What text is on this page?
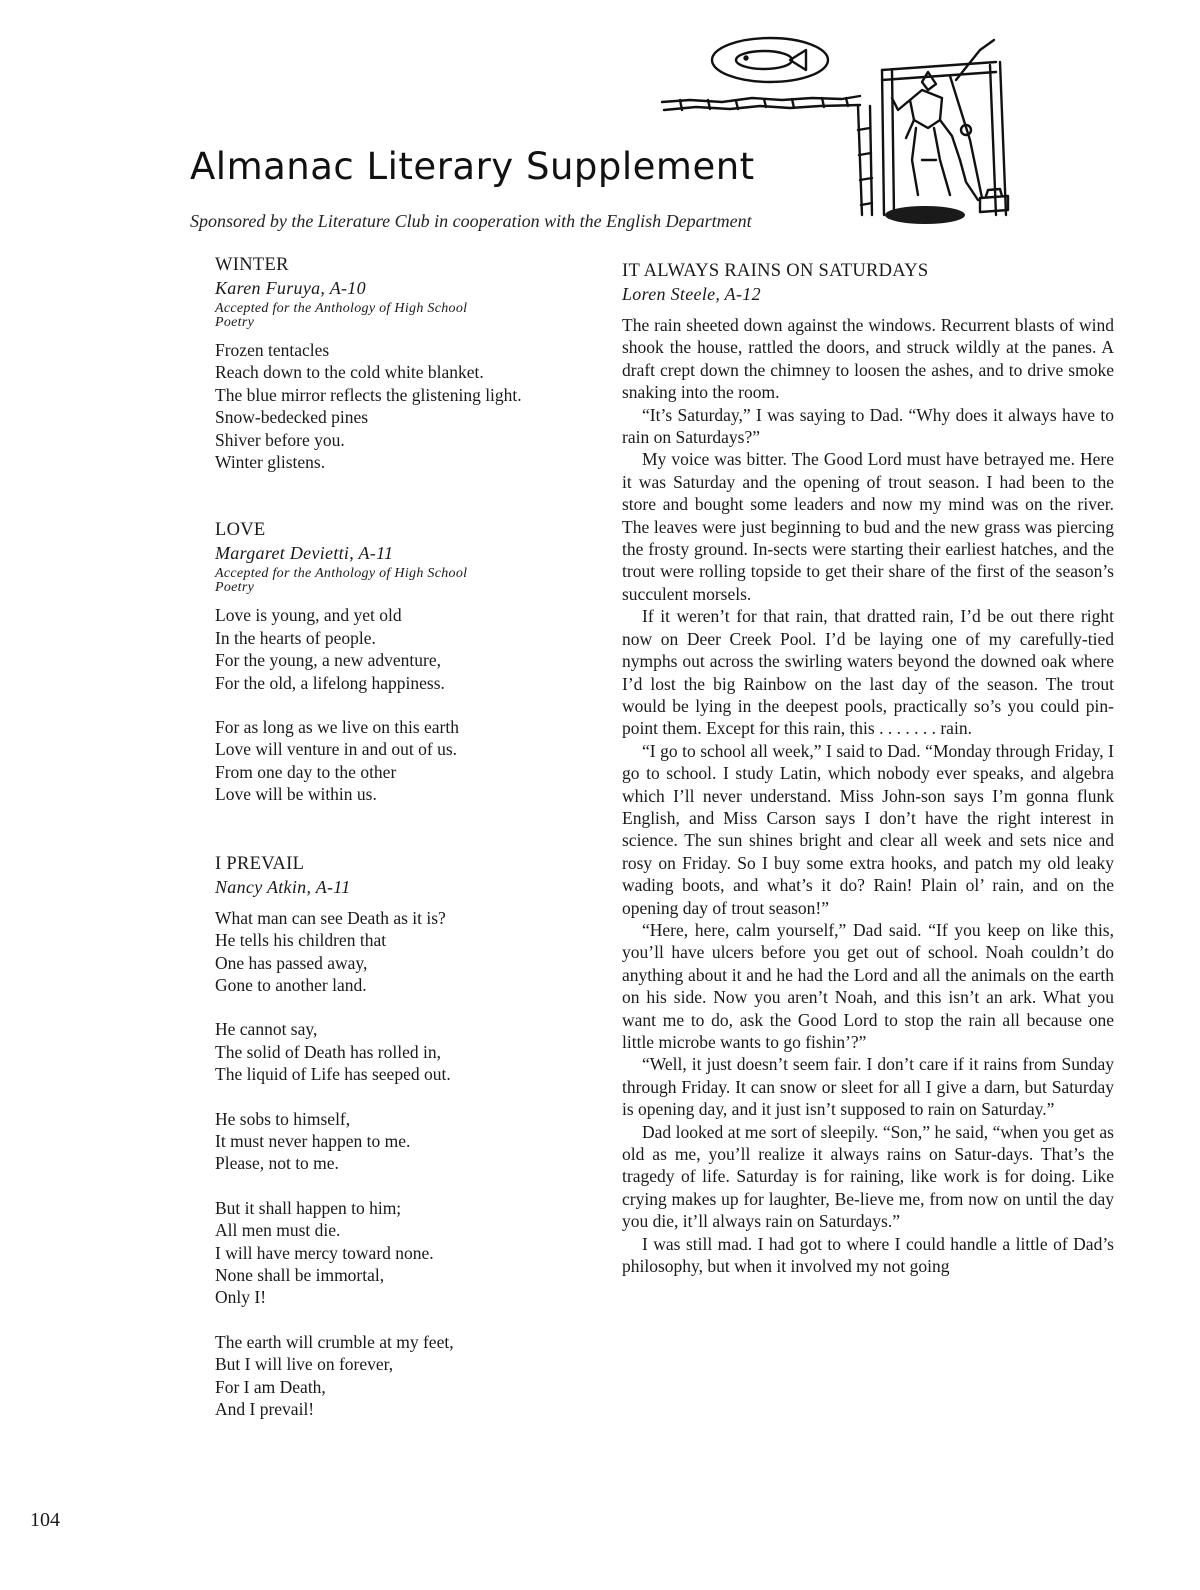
Almanac Literary Supplement
Sponsored by the Literature Club in cooperation with the English Department
WINTER
Karen Furuya, A-10
Accepted for the Anthology of High School
Poetry
Frozen tentacles
Reach down to the cold white blanket.
The blue mirror reflects the glistening light.
Snow-bedecked pines
Shiver before you.
Winter glistens.
LOVE
Margaret Devietti, A-11
Accepted for the Anthology of High School
Poetry
Love is young, and yet old
In the hearts of people.
For the young, a new adventure,
For the old, a lifelong happiness.
For as long as we live on this earth
Love will venture in and out of us.
From one day to the other
Love will be within us.
I PREVAIL
Nancy Atkin, A-11
What man can see Death as it is?
He tells his children that
One has passed away,
Gone to another land.
He cannot say,
The solid of Death has rolled in,
The liquid of Life has seeped out.
He sobs to himself,
It must never happen to me.
Please, not to me.
But it shall happen to him;
All men must die.
I will have mercy toward none.
None shall be immortal,
Only I!
The earth will crumble at my feet,
But I will live on forever,
For I am Death,
And I prevail!
IT ALWAYS RAINS ON SATURDAYS
Loren Steele, A-12

The rain sheeted down against the windows. Recurrent blasts of wind shook the house, rattled the doors, and struck wildly at the panes. A draft crept down the chimney to loosen the ashes, and to drive smoke snaking into the room.

“It’s Saturday,” I was saying to Dad. “Why does it always have to rain on Saturdays?”

My voice was bitter. The Good Lord must have betrayed me. Here it was Saturday and the opening of trout season. I had been to the store and bought some leaders and now my mind was on the river. The leaves were just beginning to bud and the new grass was piercing the frosty ground. In-sects were starting their earliest hatches, and the trout were rolling topside to get their share of the first of the season’s succulent morsels.

If it weren’t for that rain, that dratted rain, I’d be out there right now on Deer Creek Pool. I’d be laying one of my carefully-tied nymphs out across the swirling waters beyond the downed oak where I’d lost the big Rainbow on the last day of the season. The trout would be lying in the deepest pools, practically so’s you could pin-point them. Except for this rain, this . . . . . . . rain.

“I go to school all week,” I said to Dad. “Monday through Friday, I go to school. I study Latin, which nobody ever speaks, and algebra which I’ll never understand. Miss John-son says I’m gonna flunk English, and Miss Carson says I don’t have the right interest in science. The sun shines bright and clear all week and sets nice and rosy on Friday. So I buy some extra hooks, and patch my old leaky wading boots, and what’s it do? Rain! Plain ol’ rain, and on the opening day of trout season!”

“Here, here, calm yourself,” Dad said. “If you keep on like this, you’ll have ulcers before you get out of school. Noah couldn’t do anything about it and he had the Lord and all the animals on the earth on his side. Now you aren’t Noah, and this isn’t an ark. What you want me to do, ask the Good Lord to stop the rain all because one little microbe wants to go fishin’?”

“Well, it just doesn’t seem fair. I don’t care if it rains from Sunday through Friday. It can snow or sleet for all I give a darn, but Saturday is opening day, and it just isn’t supposed to rain on Saturday.”

Dad looked at me sort of sleepily. “Son,” he said, “when you get as old as me, you’ll realize it always rains on Satur-days. That’s the tragedy of life. Saturday is for raining, like work is for doing. Like crying makes up for laughter, Be-lieve me, from now on until the day you die, it’ll always rain on Saturdays.”

I was still mad. I had got to where I could handle a little of Dad’s philosophy, but when it involved my not going

104
